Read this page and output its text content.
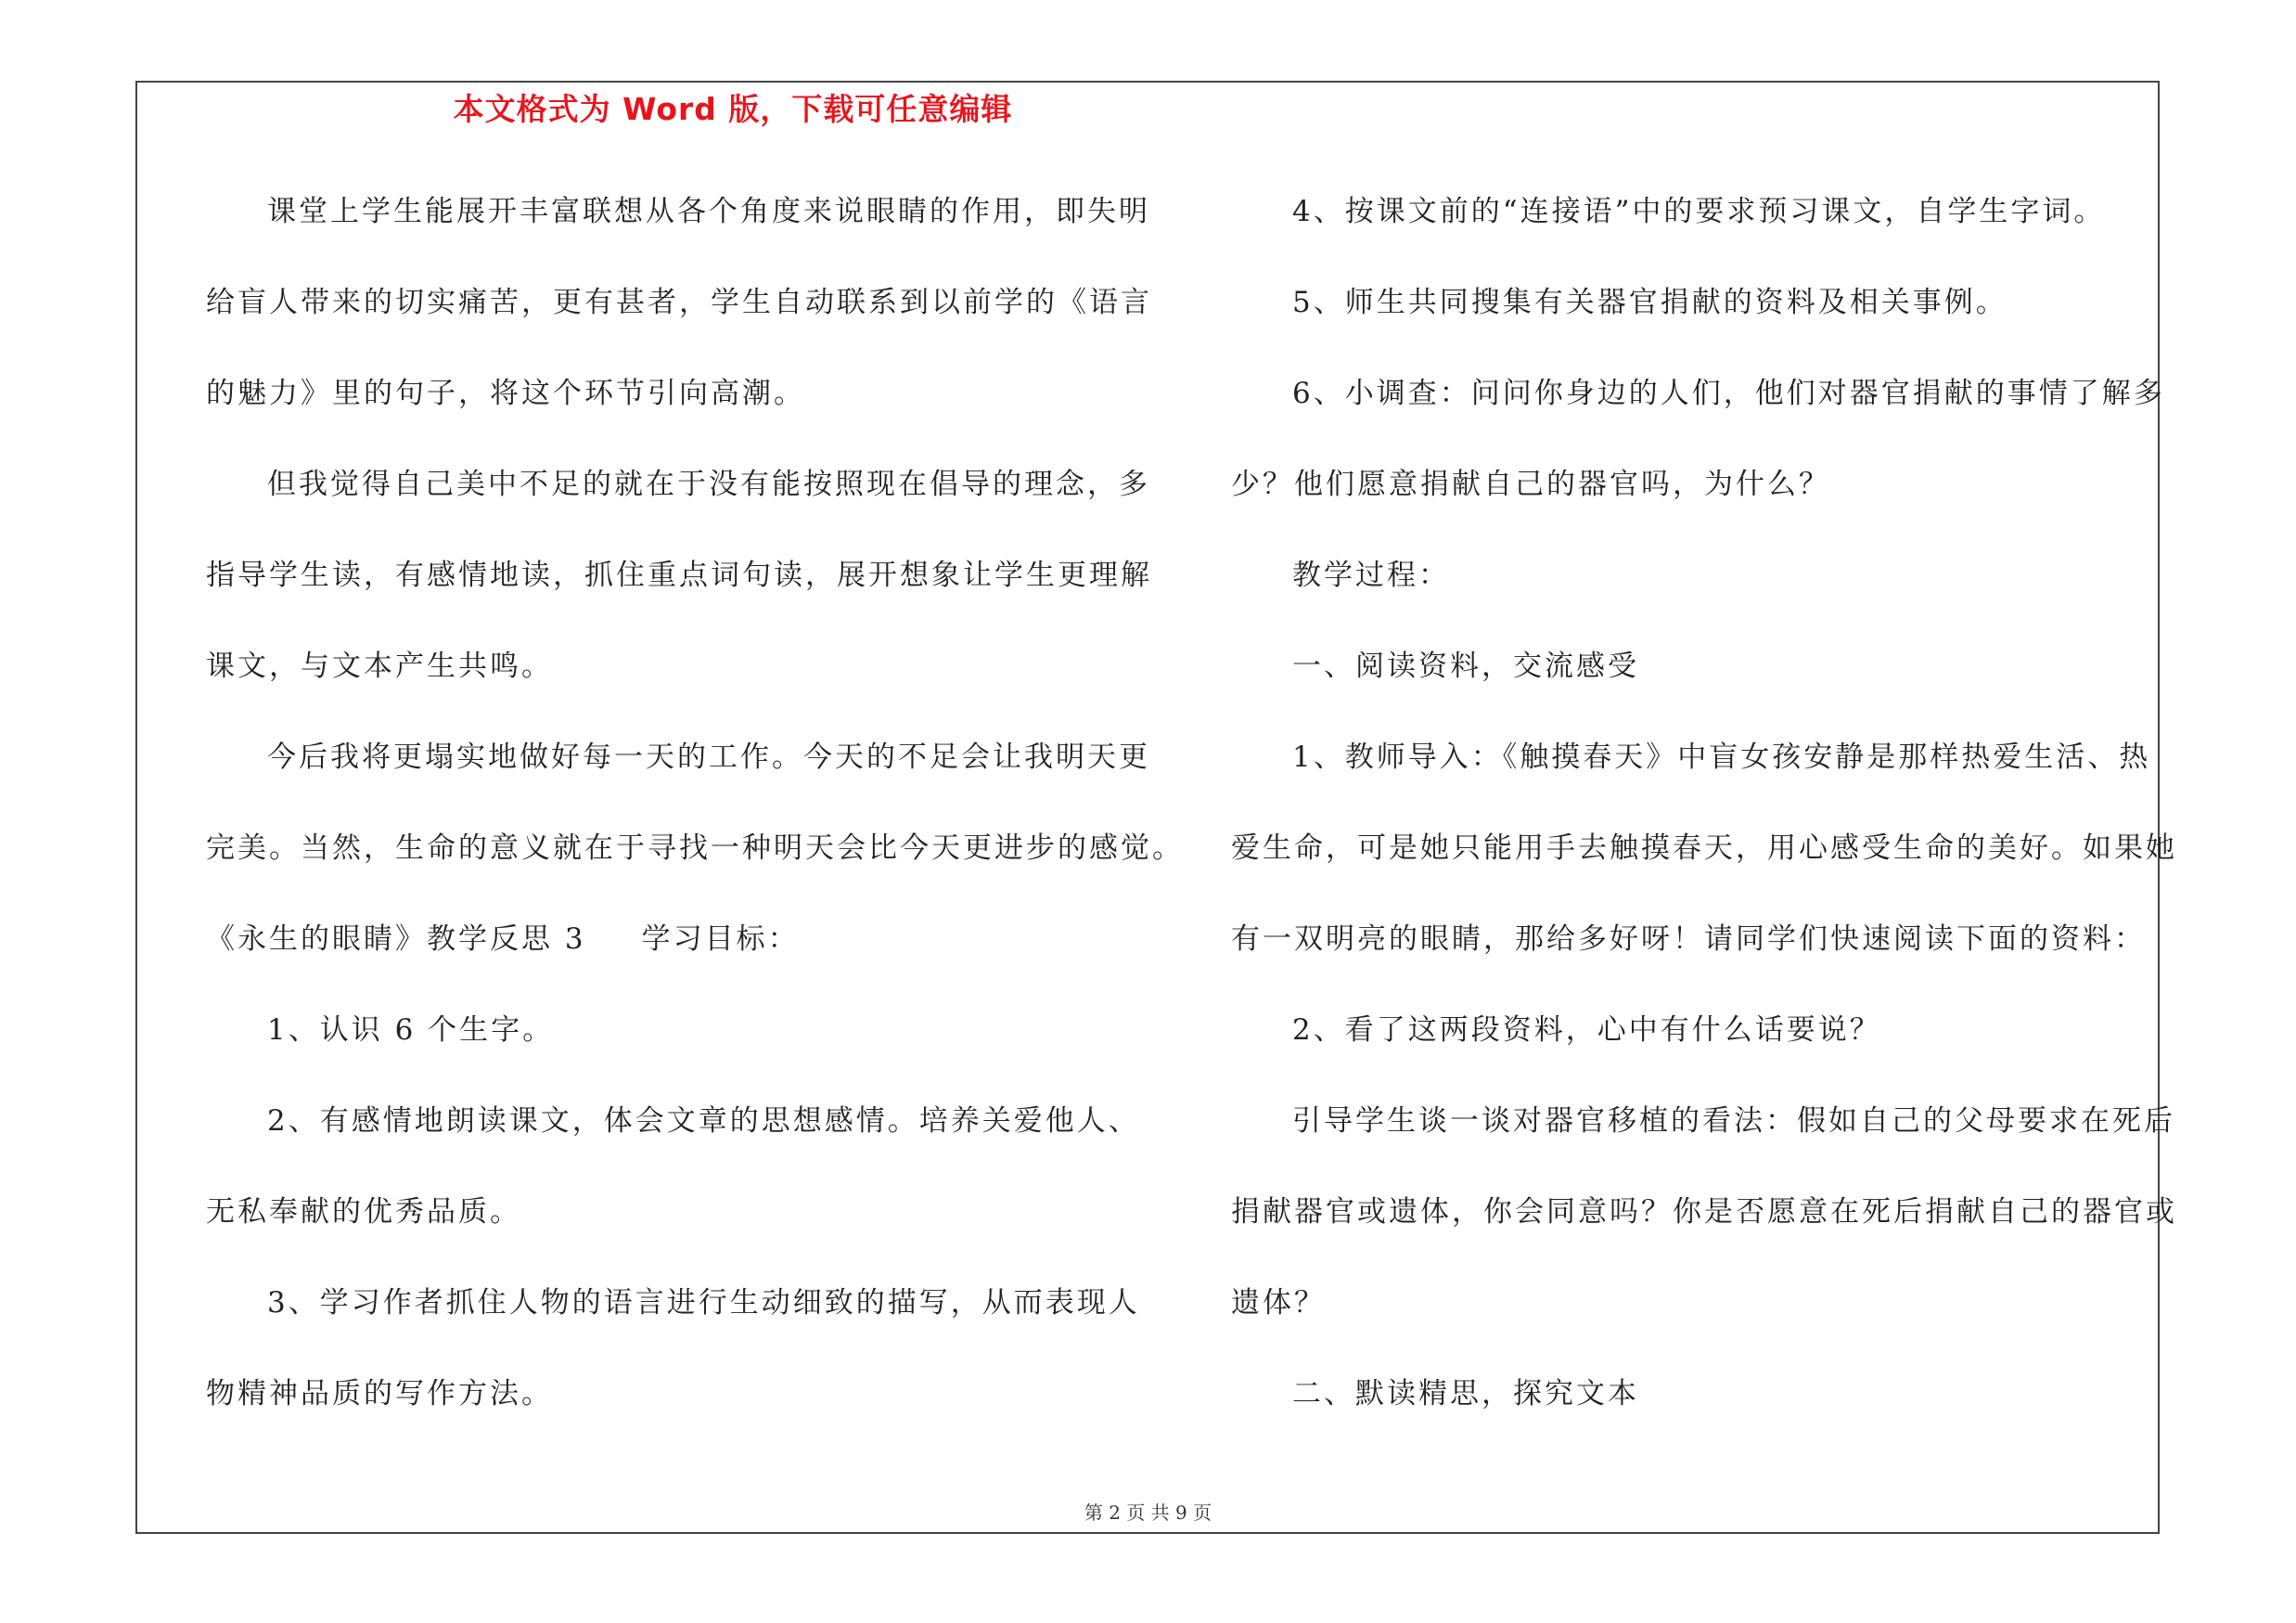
本文格式为 Word 版，下载可任意编辑
课堂上学生能展开丰富联想从各个角度来说眼睛的作用，即失明
给盲人带来的切实痛苦，更有甚者，学生自动联系到以前学的《语言
的魅力》里的句子，将这个环节引向高潮。
但我觉得自己美中不足的就在于没有能按照现在倡导的理念，多
指导学生读，有感情地读，抓住重点词句读，展开想象让学生更理解
课文，与文本产生共鸣。
今后我将更塌实地做好每一天的工作。今天的不足会让我明天更
完美。当然，生命的意义就在于寻找一种明天会比今天更进步的感觉。
《永生的眼睛》教学反思 3 学习目标：
1、认识 6 个生字。
2、有感情地朗读课文，体会文章的思想感情。培养关爱他人、
无私奉献的优秀品质。
3、学习作者抓住人物的语言进行生动细致的描写，从而表现人
物精神品质的写作方法。
4、按课文前的“连接语”中的要求预习课文，自学生字词。
5、师生共同搜集有关器官捐献的资料及相关事例。
6、小调查：问问你身边的人们，他们对器官捐献的事情了解多
少？他们愿意捐献自己的器官吗，为什么？
教学过程：
一、阅读资料，交流感受
1、教师导入：《触摸春天》中盲女孩安静是那样热爱生活、热
爱生命，可是她只能用手去触摸春天，用心感受生命的美好。如果她
有一双明亮的眼睛，那给多好呀！请同学们快速阅读下面的资料：
2、看了这两段资料，心中有什么话要说？
引导学生谈一谈对器官移植的看法：假如自己的父母要求在死后
捐献器官或遗体，你会同意吗？你是否愿意在死后捐献自己的器官或
遗体？
二、默读精思，探究文本
第 2 页 共 9 页
